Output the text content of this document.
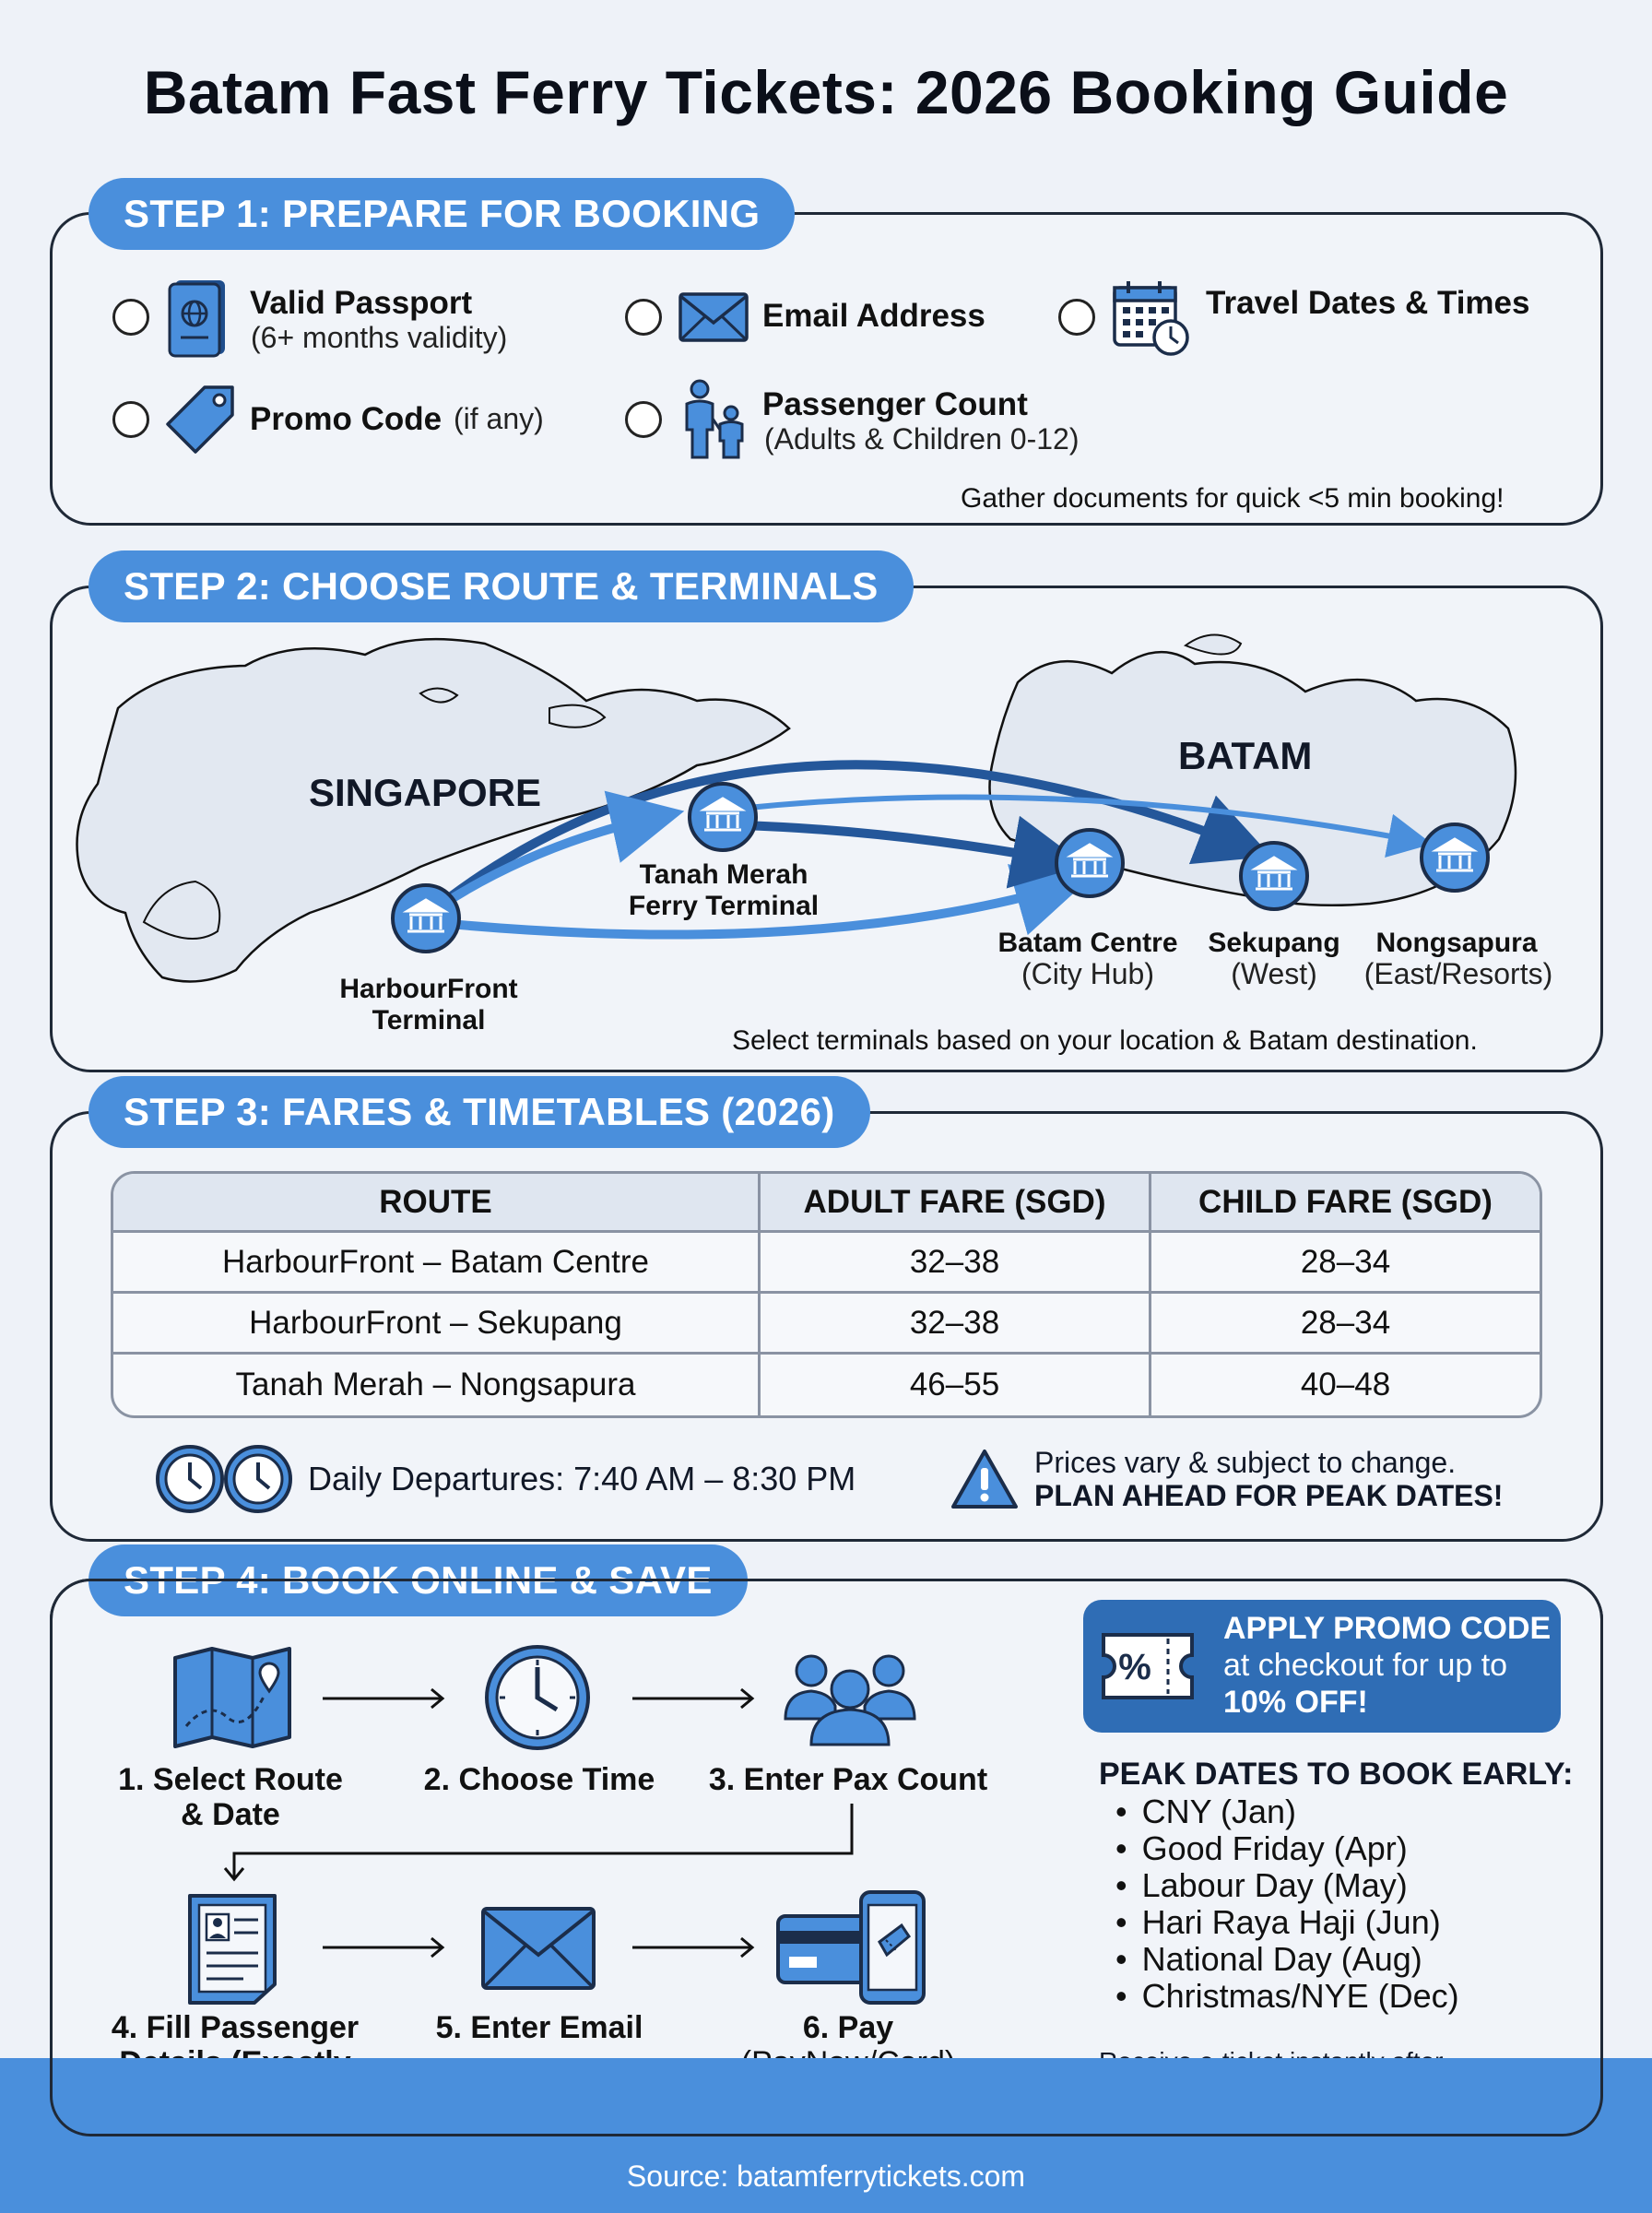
Batam Fast Ferry Tickets: 2026 Booking Guide
STEP 1: PREPARE FOR BOOKING
Valid Passport
(6+ months validity)
Email Address	Travel Dates & Times
Promo Code (if any)	Passenger Count
(Adults & Children 0-12)
Gather documents for quick <5 min booking!
STEP 2: CHOOSE ROUTE & TERMINALS
SINGAPORE
BATAM
HarbourFront
Terminal
Tanah Merah
Ferry Terminal
Batam Centre
(City Hub)
Sekupang
(West)
Nongsapura
(East/Resorts)
Select terminals based on your location & Batam destination.
STEP 3: FARES & TIMETABLES (2026)
ROUTE	ADULT FARE (SGD)	CHILD FARE (SGD)
HarbourFront – Batam Centre	32–38	28–34
HarbourFront – Sekupang	32–38	28–34
Tanah Merah – Nongsapura	46–55	40–48
Daily Departures: 7:40 AM – 8:30 PM	Prices vary & subject to change.
PLAN AHEAD FOR PEAK DATES!
STEP 4: BOOK ONLINE & SAVE
1. Select Route
& Date
2. Choose Time	3. Enter Pax Count
4. Fill Passenger	5. Enter Email	6. Pay
%
APPLY PROMO CODE
at checkout for up to
10% OFF!
PEAK DATES TO BOOK EARLY:
• CNY (Jan)
• Good Friday (Apr)
• Labour Day (May)
• Hari Raya Haji (Jun)
• National Day (Aug)
• Christmas/NYE (Dec)
Source: batamferrytickets.com
